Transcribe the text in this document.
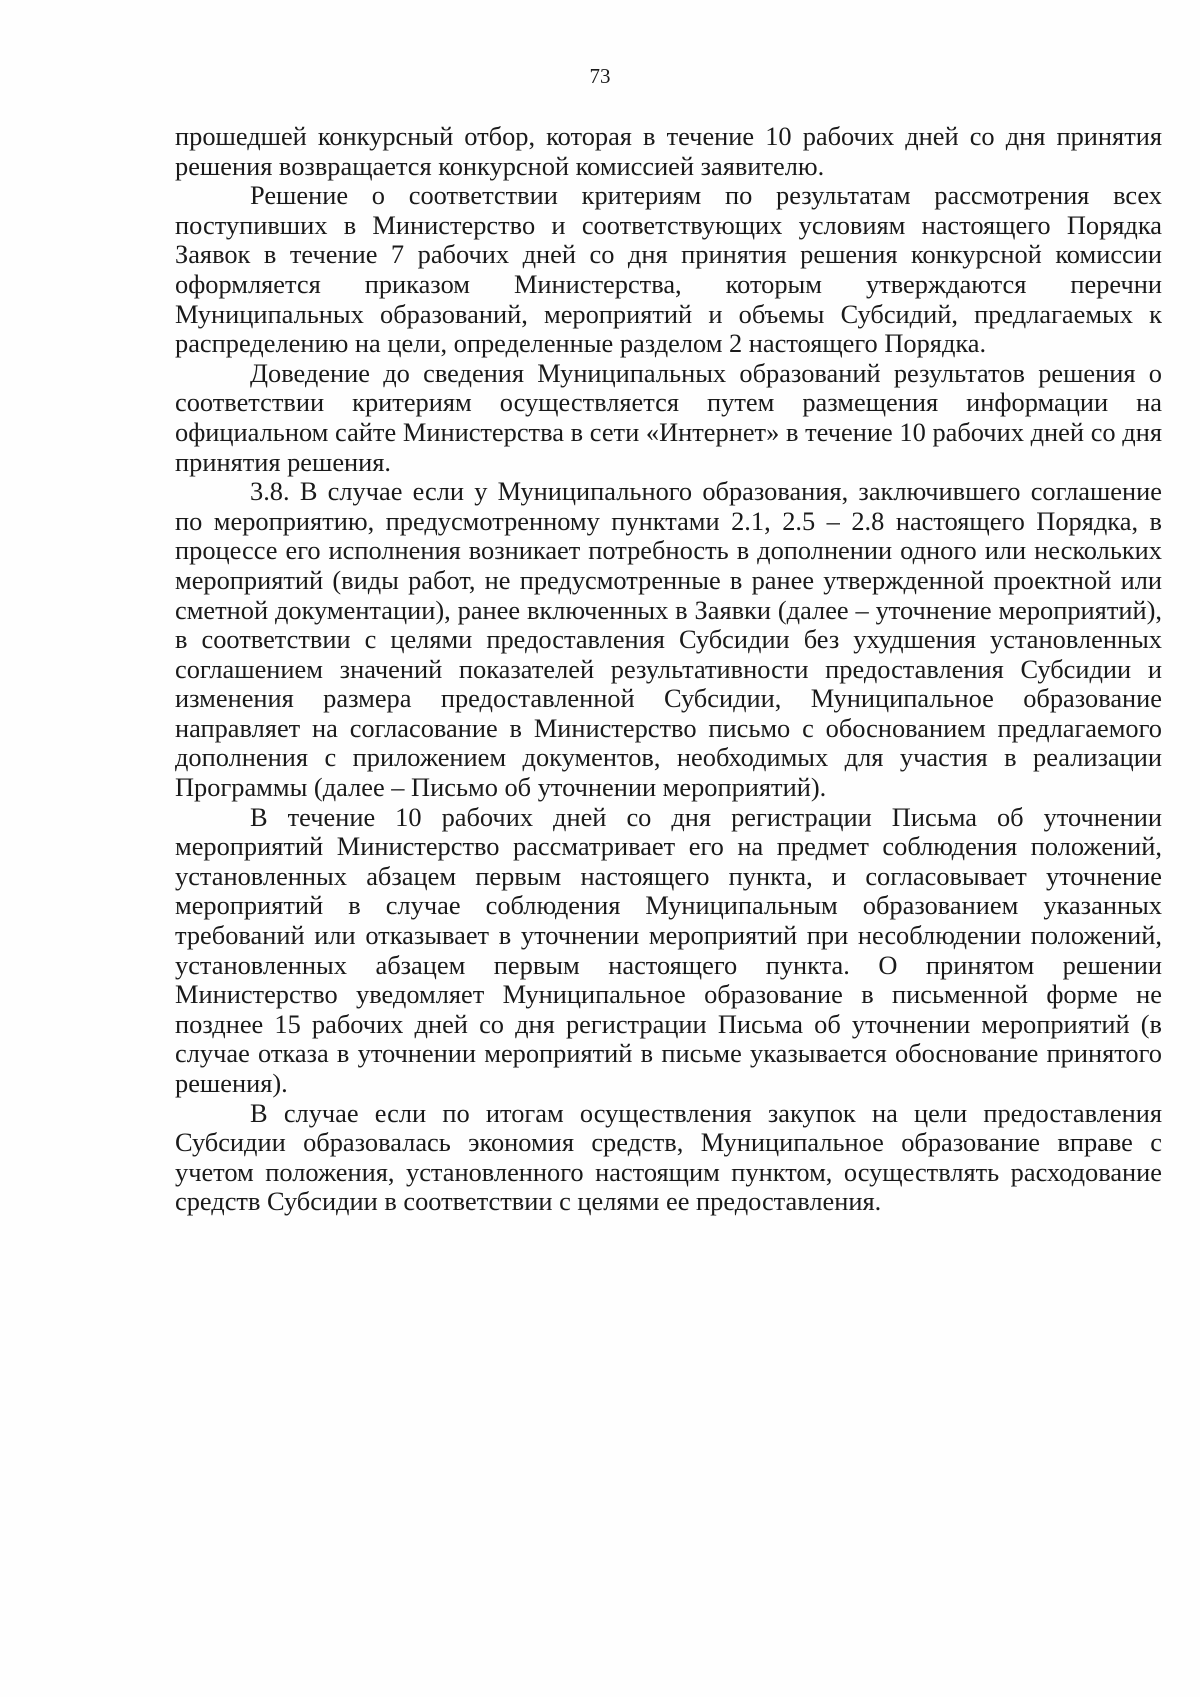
73

прошедшей конкурсный отбор, которая в течение 10 рабочих дней со дня принятия решения возвращается конкурсной комиссией заявителю.

Решение о соответствии критериям по результатам рассмотрения всех поступивших в Министерство и соответствующих условиям настоящего Порядка Заявок в течение 7 рабочих дней со дня принятия решения конкурсной комиссии оформляется приказом Министерства, которым утверждаются перечни Муниципальных образований, мероприятий и объемы Субсидий, предлагаемых к распределению на цели, определенные разделом 2 настоящего Порядка.

Доведение до сведения Муниципальных образований результатов решения о соответствии критериям осуществляется путем размещения информации на официальном сайте Министерства в сети «Интернет» в течение 10 рабочих дней со дня принятия решения.

3.8. В случае если у Муниципального образования, заключившего соглашение по мероприятию, предусмотренному пунктами 2.1, 2.5 – 2.8 настоящего Порядка, в процессе его исполнения возникает потребность в дополнении одного или нескольких мероприятий (виды работ, не предусмотренные в ранее утвержденной проектной или сметной документации), ранее включенных в Заявки (далее – уточнение мероприятий), в соответствии с целями предоставления Субсидии без ухудшения установленных соглашением значений показателей результативности предоставления Субсидии и изменения размера предоставленной Субсидии, Муниципальное образование направляет на согласование в Министерство письмо с обоснованием предлагаемого дополнения с приложением документов, необходимых для участия в реализации Программы (далее – Письмо об уточнении мероприятий).

В течение 10 рабочих дней со дня регистрации Письма об уточнении мероприятий Министерство рассматривает его на предмет соблюдения положений, установленных абзацем первым настоящего пункта, и согласовывает уточнение мероприятий в случае соблюдения Муниципальным образованием указанных требований или отказывает в уточнении мероприятий при несоблюдении положений, установленных абзацем первым настоящего пункта. О принятом решении Министерство уведомляет Муниципальное образование в письменной форме не позднее 15 рабочих дней со дня регистрации Письма об уточнении мероприятий (в случае отказа в уточнении мероприятий в письме указывается обоснование принятого решения).

В случае если по итогам осуществления закупок на цели предоставления Субсидии образовалась экономия средств, Муниципальное образование вправе с учетом положения, установленного настоящим пунктом, осуществлять расходование средств Субсидии в соответствии с целями ее предоставления.
